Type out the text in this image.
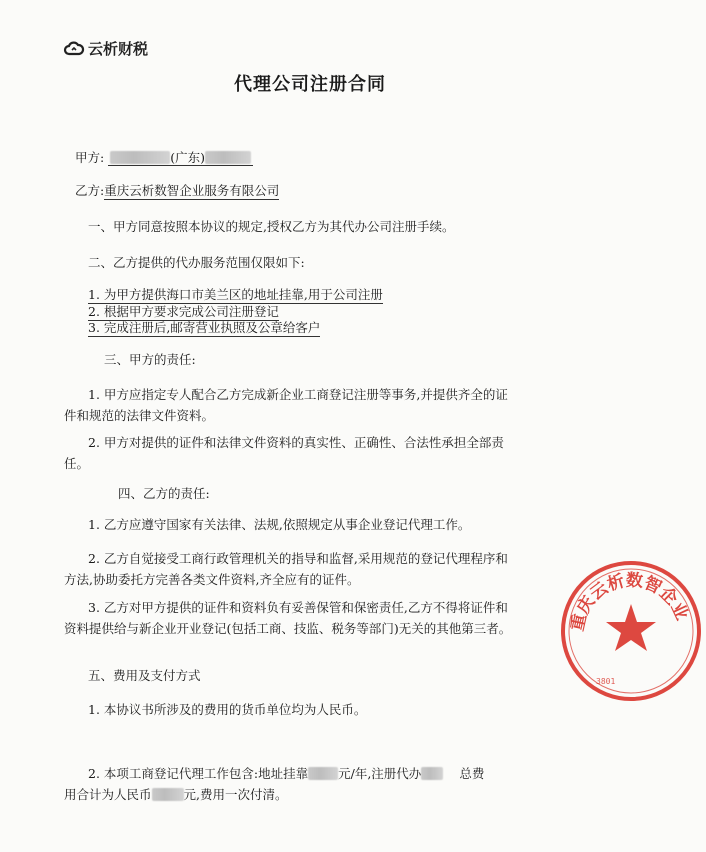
云析财税
代理公司注册合同
甲方:	(广东)
乙方:重庆云析数智企业服务有限公司
一、甲方同意按照本协议的规定,授权乙方为其代办公司注册手续。
二、乙方提供的代办服务范围仅限如下:
1. 为甲方提供海口市美兰区的地址挂靠,用于公司注册
2. 根据甲方要求完成公司注册登记
3. 完成注册后,邮寄营业执照及公章给客户
三、甲方的责任:
1. 甲方应指定专人配合乙方完成新企业工商登记注册等事务,并提供齐全的证件和规范的法律文件资料。
2. 甲方对提供的证件和法律文件资料的真实性、正确性、合法性承担全部责任。
四、乙方的责任:
1. 乙方应遵守国家有关法律、法规,依照规定从事企业登记代理工作。
2. 乙方自觉接受工商行政管理机关的指导和监督,采用规范的登记代理程序和方法,协助委托方完善各类文件资料,齐全应有的证件。
3. 乙方对甲方提供的证件和资料负有妥善保管和保密责任,乙方不得将证件和资料提供给与新企业开业登记(包括工商、技监、税务等部门)无关的其他第三者。
五、费用及支付方式
1. 本协议书所涉及的费用的货币单位均为人民币。
2. 本项工商登记代理工作包含:地址挂靠 元/年,注册代办	总费
用合计为人民币	元,费用一次付清。
重庆云析数智企业
3801
